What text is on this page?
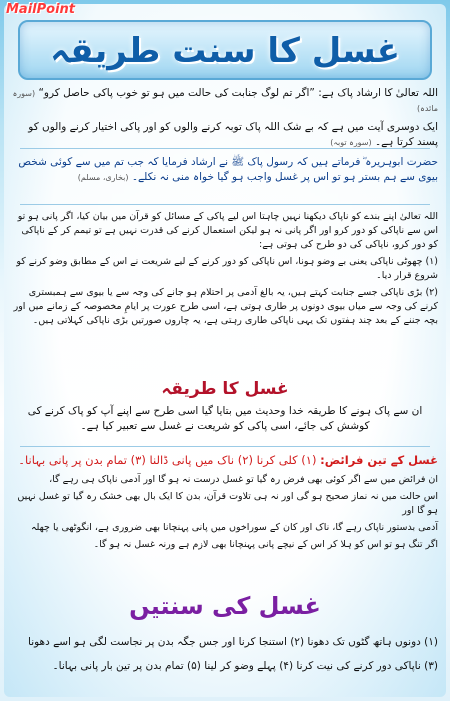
MailPoint
غسل کا سنت طریقہ

اللہ تعالیٰ کا ارشاد پاک ہے: ”اگر تم لوگ جنابت کی حالت میں ہو تو خوب پاکی حاصل کرو“ (سورہ مائدہ)

ایک دوسری آیت میں ہے کہ بے شک اللہ پاک توبہ کرنے والوں کو اور پاکی اختیار کرنے والوں کو پسند کرتا ہے۔ (سورہ توبہ)

حضرت ابوہریرہ ؓ فرماتے ہیں کہ رسول پاک ﷺ نے ارشاد فرمایا کہ جب تم میں سے کوئی شخص بیوی سے ہم بستر ہو تو اس پر غسل واجب ہو گیا خواہ منی نہ نکلے۔ (بخاری، مسلم)

اللہ تعالیٰ اپنے بندے کو ناپاک دیکھنا نہیں چاہتا اس لیے پاکی کے مسائل کو قرآن میں بیان کیا، اگر پانی ہو تو اس سے ناپاکی کو دور کرو اور اگر پانی نہ ہو لیکن استعمال کرنے کی قدرت نہیں ہے تو تیمم کر کے ناپاکی کو دور کرو، ناپاکی کی دو طرح کی ہوتی ہے:

(۱) چھوٹی ناپاکی یعنی بے وضو ہونا، اس ناپاکی کو دور کرنے کے لیے شریعت نے اس کے مطابق وضو کرنے کو شروع قرار دیا۔

(۲) بڑی ناپاکی جسے جنابت کہتے ہیں، یہ بالغ آدمی پر احتلام ہو جانے کی وجہ سے یا بیوی سے ہمبستری کرنے کی وجہ سے میاں بیوی دونوں پر طاری ہوتی ہے، اسی طرح عورت پر ایامِ مخصوصہ کے زمانے میں اور بچہ جننے کے بعد چند ہفتوں تک یہی ناپاکی طاری رہتی ہے، یہ چاروں صورتیں بڑی ناپاکی کہلاتی ہیں۔

غسل کا طریقہ

ان سے پاک ہونے کا طریقہ خدا وحدیث میں بتایا گیا اسی طرح سے اپنے آپ کو پاک کرنے کی کوشش کی جائے، اسی پاکی کو شریعت نے غسل سے تعبیر کیا ہے۔

غسل کے تین فرائض: (۱) کلی کرنا (۲) ناک میں پانی ڈالنا (۳) تمام بدن پر پانی بہانا۔

ان فرائض میں سے اگر کوئی بھی فرض رہ گیا تو غسل درست نہ ہو گا اور آدمی ناپاک ہی رہے گا،

اس حالت میں نہ نماز صحیح ہو گی اور نہ ہی تلاوت قرآن، بدن کا ایک بال بھی خشک رہ گیا تو غسل نہیں ہو گا اور

آدمی بدستور ناپاک رہے گا، ناک اور کان کے سوراخوں میں پانی پہنچانا بھی ضروری ہے، انگوٹھی یا چھلہ

اگر تنگ ہو تو اس کو ہلا کر اس کے نیچے پانی پہنچانا بھی لازم ہے ورنہ غسل نہ ہو گا۔

غسل کی سنتیں

(۱) دونوں ہاتھ گٹوں تک دھونا (۲) استنجا کرنا اور جس جگہ بدن پر نجاست لگی ہو اسے دھونا

(۳) ناپاکی دور کرنے کی نیت کرنا (۴) پہلے وضو کر لینا (۵) تمام بدن پر تین بار پانی بہانا۔
